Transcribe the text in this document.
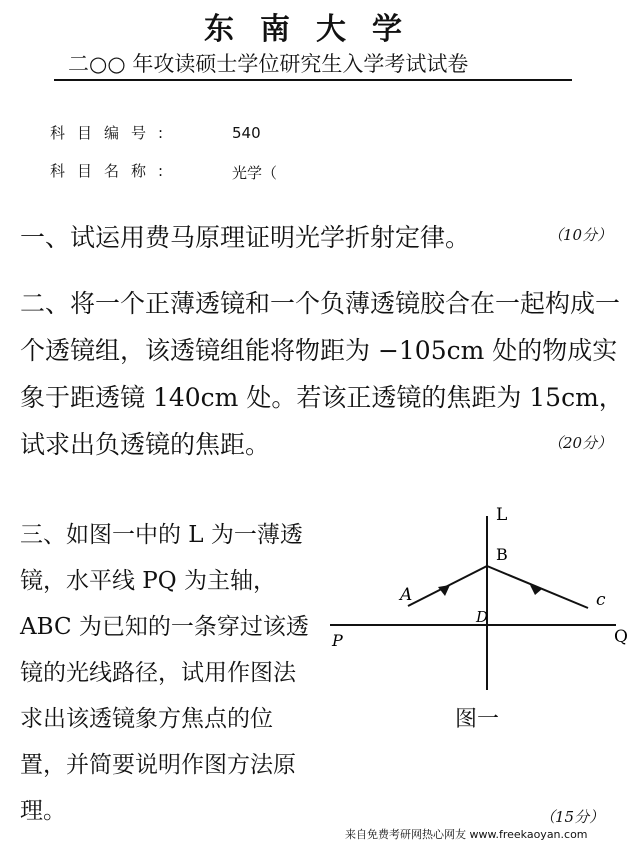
东南大学
二○○ 年攻读硕士学位研究生入学考试试卷
科目编号:	540
科目名称:	光学（
一、试运用费马原理证明光学折射定律。	（10分）
二、将一个正薄透镜和一个负薄透镜胶合在一起构成一个透镜组，该透镜组能将物距为 −105cm 处的物成实象于距透镜 140cm 处。若该正透镜的焦距为 15cm，试求出负透镜的焦距。	（20分）
三、如图一中的 L 为一薄透镜，水平线 PQ 为主轴，ABC 为已知的一条穿过该透镜的光线路径，试用作图法求出该透镜象方焦点的位置，并简要说明作图方法原理。
L
B
A	c
D
P	Q
图一
（15分）
来自免费考研网热心网友 www.freekaoyan.com
